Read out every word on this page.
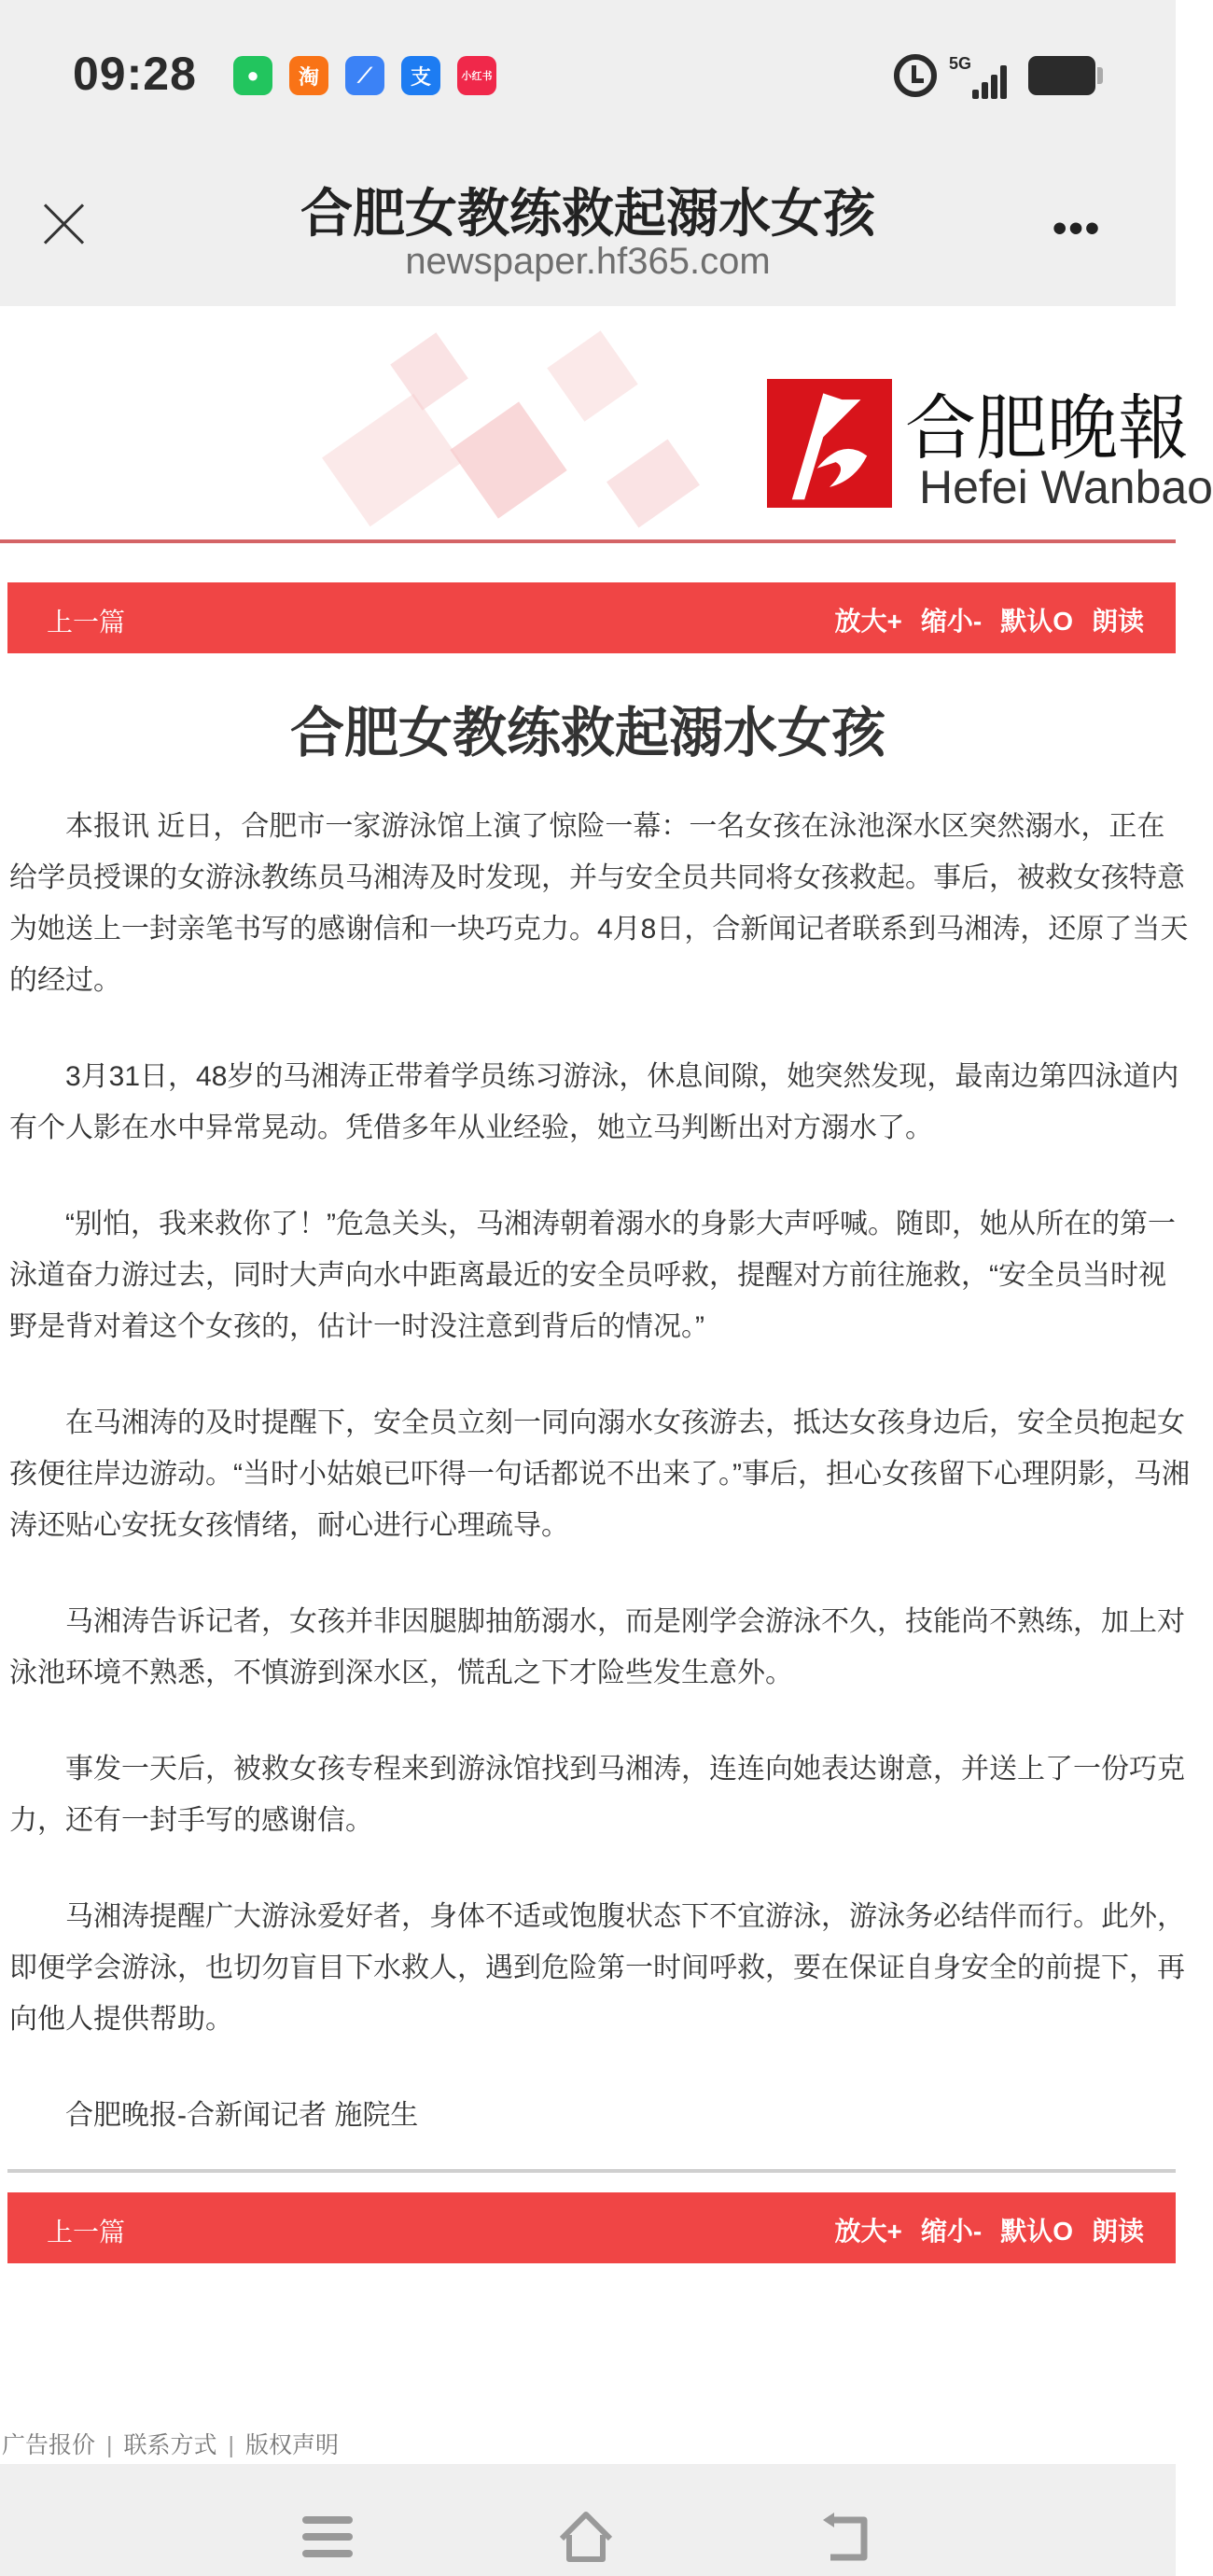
09:28	●	淘	⟋	支	小红书
5G
合肥女教练救起溺水女孩
newspaper.hf365.com
•••
合肥晚報
Hefei Wanbao
上一篇	放大+ 缩小- 默认O 朗读
合肥女教练救起溺水女孩

本报讯 近日，合肥市一家游泳馆上演了惊险一幕：一名女孩在泳池深水区突然溺水，正在给学员授课的女游泳教练员马湘涛及时发现，并与安全员共同将女孩救起。事后，被救女孩特意为她送上一封亲笔书写的感谢信和一块巧克力。4月8日，合新闻记者联系到马湘涛，还原了当天的经过。

3月31日，48岁的马湘涛正带着学员练习游泳，休息间隙，她突然发现，最南边第四泳道内有个人影在水中异常晃动。凭借多年从业经验，她立马判断出对方溺水了。

“别怕，我来救你了！”危急关头，马湘涛朝着溺水的身影大声呼喊。随即，她从所在的第一泳道奋力游过去，同时大声向水中距离最近的安全员呼救，提醒对方前往施救，“安全员当时视野是背对着这个女孩的，估计一时没注意到背后的情况。”

在马湘涛的及时提醒下，安全员立刻一同向溺水女孩游去，抵达女孩身边后，安全员抱起女孩便往岸边游动。“当时小姑娘已吓得一句话都说不出来了。”事后，担心女孩留下心理阴影，马湘涛还贴心安抚女孩情绪，耐心进行心理疏导。

马湘涛告诉记者，女孩并非因腿脚抽筋溺水，而是刚学会游泳不久，技能尚不熟练，加上对泳池环境不熟悉，不慎游到深水区，慌乱之下才险些发生意外。

事发一天后，被救女孩专程来到游泳馆找到马湘涛，连连向她表达谢意，并送上了一份巧克力，还有一封手写的感谢信。

马湘涛提醒广大游泳爱好者，身体不适或饱腹状态下不宜游泳，游泳务必结伴而行。此外，即便学会游泳，也切勿盲目下水救人，遇到危险第一时间呼救，要在保证自身安全的前提下，再向他人提供帮助。

合肥晚报-合新闻记者 施院生

上一篇	放大+ 缩小- 默认O 朗读
广告报价 | 联系方式 | 版权声明
